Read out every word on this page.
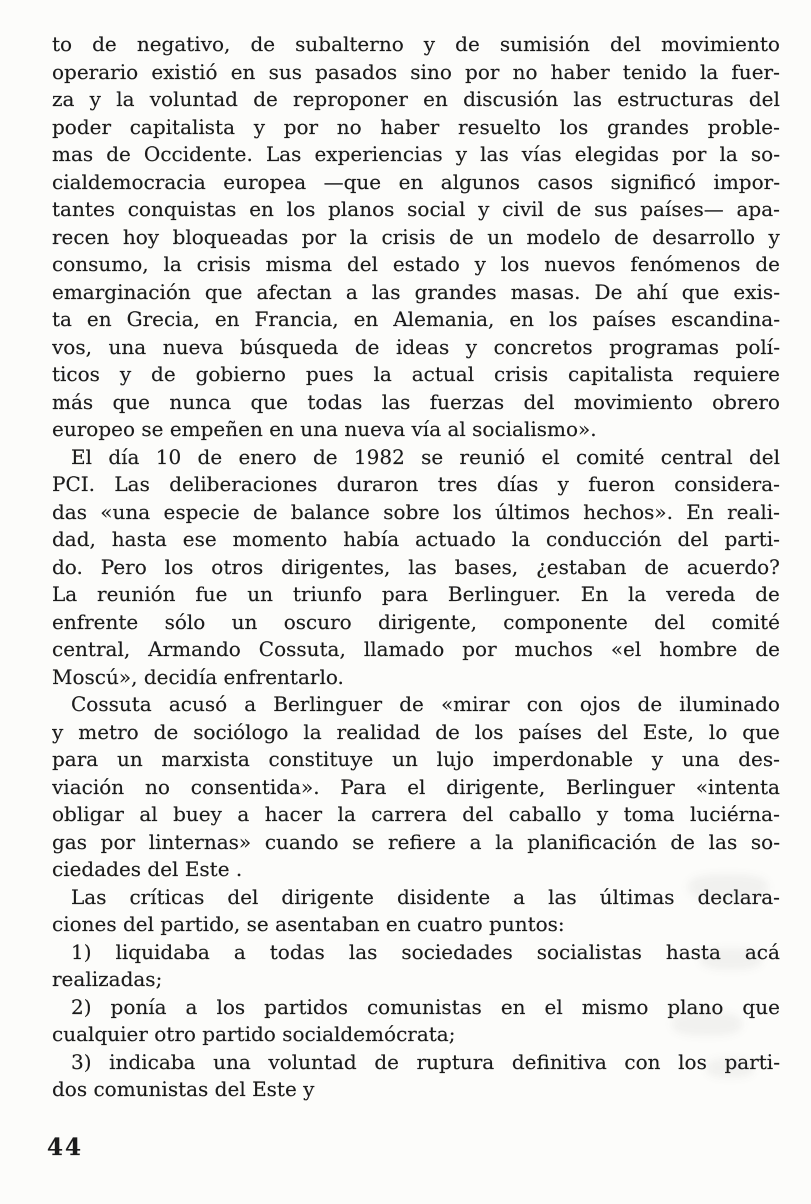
to de negativo, de subalterno y de sumisión del movimiento
operario existió en sus pasados sino por no haber tenido la fuer-
za y la voluntad de reproponer en discusión las estructuras del
poder capitalista y por no haber resuelto los grandes proble-
mas de Occidente. Las experiencias y las vías elegidas por la so-
cialdemocracia europea —que en algunos casos significó impor-
tantes conquistas en los planos social y civil de sus países— apa-
recen hoy bloqueadas por la crisis de un modelo de desarrollo y
consumo, la crisis misma del estado y los nuevos fenómenos de
emarginación que afectan a las grandes masas. De ahí que exis-
ta en Grecia, en Francia, en Alemania, en los países escandina-
vos, una nueva búsqueda de ideas y concretos programas polí-
ticos y de gobierno pues la actual crisis capitalista requiere
más que nunca que todas las fuerzas del movimiento obrero
europeo se empeñen en una nueva vía al socialismo».
El día 10 de enero de 1982 se reunió el comité central del
PCI. Las deliberaciones duraron tres días y fueron considera-
das «una especie de balance sobre los últimos hechos». En reali-
dad, hasta ese momento había actuado la conducción del parti-
do. Pero los otros dirigentes, las bases, ¿estaban de acuerdo?
La reunión fue un triunfo para Berlinguer. En la vereda de
enfrente sólo un oscuro dirigente, componente del comité
central, Armando Cossuta, llamado por muchos «el hombre de
Moscú», decidía enfrentarlo.
Cossuta acusó a Berlinguer de «mirar con ojos de iluminado
y metro de sociólogo la realidad de los países del Este, lo que
para un marxista constituye un lujo imperdonable y una des-
viación no consentida». Para el dirigente, Berlinguer «intenta
obligar al buey a hacer la carrera del caballo y toma luciérna-
gas por linternas» cuando se refiere a la planificación de las so-
ciedades del Este .
Las críticas del dirigente disidente a las últimas declara-
ciones del partido, se asentaban en cuatro puntos:
1) liquidaba a todas las sociedades socialistas hasta acá
realizadas;
2) ponía a los partidos comunistas en el mismo plano que
cualquier otro partido socialdemócrata;
3) indicaba una voluntad de ruptura definitiva con los parti-
dos comunistas del Este y
44
